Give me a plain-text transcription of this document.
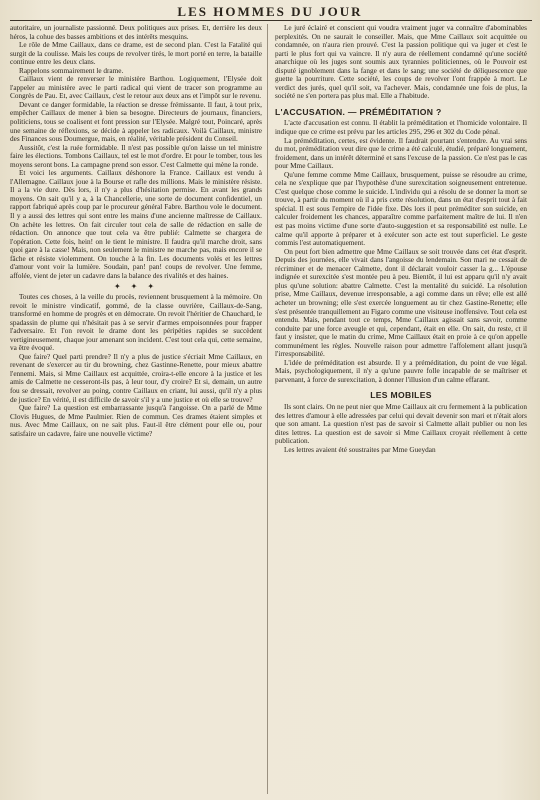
LES HOMMES DU JOUR

autoritaire, un journaliste passionné. Deux politiques aux prises. Et, derrière les deux héros, la cohue des basses ambitions et des intérêts mesquins.

Le rôle de Mme Caillaux, dans ce drame, est de second plan. C'est la Fatalité qui surgit de la coulisse. Mais les coups de revolver tirés, le mort porté en terre, la bataille continue entre les deux clans.

Rappelons sommairement le drame.

Caillaux vient de renverser le ministère Barthou. Logiquement, l'Elysée doit l'appeler au ministère avec le parti radical qui vient de tracer son programme au Congrès de Pau. Et, avec Caillaux, c'est le retour aux deux ans et l'impôt sur le revenu.

Devant ce danger formidable, la réaction se dresse frémissante. Il faut, à tout prix, empêcher Caillaux de mener à bien sa besogne. Directeurs de journaux, financiers, politiciens, tous se coalisent et font pression sur l'Elysée. Malgré tout, Poincaré, après une semaine de réflexions, se décide à appeler les radicaux. Voilà Caillaux, ministre des Finances sous Doumergue, mais, en réalité, véritable président du Conseil.

Aussitôt, c'est la ruée formidable. Il n'est pas possible qu'on laisse un tel ministre faire les élections. Tombons Caillaux, tel est le mot d'ordre. Et pour le tomber, tous les moyens seront bons. La campagne prend son essor. C'est Calmette qui mène la ronde.

Et voici les arguments. Caillaux déshonore la France. Caillaux est vendu à l'Allemagne. Caillaux joue à la Bourse et rafle des millions. Mais le ministère résiste. Il a la vie dure. Dès lors, il n'y a plus d'hésitation permise. En avant les grands moyens. On sait qu'il y a, à la Chancellerie, une sorte de document confidentiel, un rapport fabriqué après coup par le procureur général Fabre. Barthou vole le document. Il y a aussi des lettres qui sont entre les mains d'une ancienne maîtresse de Caillaux. On achète les lettres. On fait circuler tout cela de salle de rédaction en salle de rédaction. On annonce que tout cela va être publié: Calmette se chargera de l'opération. Cette fois, hein! on le tient le ministre. Il faudra qu'il marche droit, sans quoi gare à la casse! Mais, non seulement le ministre ne marche pas, mais encore il se fâche et résiste violemment. On touche à la fin. Les documents volés et les lettres d'amour vont voir la lumière. Soudain, pan! pan! coups de revolver. Une femme, affolée, vient de jeter un cadavre dans la balance des rivalités et des haines.

✦ ✦ ✦

Toutes ces choses, à la veille du procès, reviennent brusquement à la mémoire. On revoit le ministre vindicatif, gommé, de la classe ouvrière, Caillaux-de-Sang, transformé en homme de progrès et en démocrate. On revoit l'héritier de Chauchard, le spadassin de plume qui n'hésitait pas à se servir d'armes empoisonnées pour frapper l'adversaire. Et l'on revoit le drame dont les péripéties rapides se succèdent vertigineusement, chaque jour amenant son incident. C'est tout cela qui, cette semaine, va être évoqué.

Que faire? Quel parti prendre? Il n'y a plus de justice s'écriait Mme Caillaux, en revenant de s'exercer au tir du browning, chez Gastinne-Renette, pour mieux abattre l'ennemi. Mais, si Mme Caillaux est acquittée, croira-t-elle encore à la justice et les amis de Calmette ne cesseront-ils pas, à leur tour, d'y croire? Et si, demain, un autre fou se dressait, revolver au poing, contre Caillaux en criant, lui aussi, qu'il n'y a plus de justice? En vérité, il est difficile de savoir s'il y a une justice et où elle se trouve?

Que faire? La question est embarrassante jusqu'à l'angoisse. On a parlé de Mme Clovis Hugues, de Mme Paulmier. Rien de commun. Ces drames étaient simples et nus. Avec Mme Caillaux, on ne sait plus. Faut-il être clément pour elle ou, pour satisfaire un cadavre, faire une nouvelle victime?

Le juré éclairé et conscient qui voudra vraiment juger va connaître d'abominables perplexités. On ne saurait le conseiller. Mais, que Mme Caillaux soit acquittée ou condamnée, on n'aura rien prouvé. C'est la passion politique qui va juger et c'est le parti le plus fort qui va vaincre. Il n'y aura de réellement condamné qu'une société anarchique où les juges sont soumis aux tyrannies politiciennes, où le Pouvoir est disputé ignoblement dans la fange et dans le sang; une société de déliquescence que guette la pourriture. Cette société, les coups de revolver l'ont frappée à mort. Le verdict des jurés, quel qu'il soit, va l'achever. Mais, condamnée une fois de plus, la société ne s'en portera pas plus mal. Elle a l'habitude.

L'ACCUSATION. — PRÉMÉDITATION ?

L'acte d'accusation est connu. Il établit la préméditation et l'homicide volontaire. Il indique que ce crime est prévu par les articles 295, 296 et 302 du Code pénal.

La préméditation, certes, est évidente. Il faudrait pourtant s'entendre. Au vrai sens du mot, préméditation veut dire que le crime a été calculé, étudié, préparé longuement, froidement, dans un intérêt déterminé et sans l'excuse de la passion. Ce n'est pas le cas pour Mme Caillaux.

Qu'une femme comme Mme Caillaux, brusquement, puisse se résoudre au crime, cela ne s'explique que par l'hypothèse d'une surexcitation soigneusement entretenue. C'est quelque chose comme le suicide. L'individu qui a résolu de se donner la mort se trouve, à partir du moment où il a pris cette résolution, dans un état d'esprit tout à fait spécial. Il est sous l'empire de l'idée fixe. Dès lors il peut préméditer son suicide, en calculer froidement les chances, apparaître comme parfaitement maître de lui. Il n'en est pas moins victime d'une sorte d'auto-suggestion et sa responsabilité est nulle. Le calme qu'il apporte à préparer et à exécuter son acte est tout superficiel. Le geste commis l'est automatiquement.

On peut fort bien admettre que Mme Caillaux se soit trouvée dans cet état d'esprit. Depuis des journées, elle vivait dans l'angoisse du lendemain. Son mari ne cessait de récriminer et de menacer Calmette, dont il déclarait vouloir casser la g... L'épouse indignée et surexcitée s'est montée peu à peu. Bientôt, il lui est apparu qu'il n'y avait plus qu'une solution: abattre Calmette. C'est la mentalité du suicidé. La résolution prise, Mme Caillaux, devenue irresponsable, a agi comme dans un rêve; elle est allé acheter un browning; elle s'est exercée longuement au tir chez Gastine-Renette; elle s'est présentée tranquillement au Figaro comme une visiteuse inoffensive. Tout cela est entendu. Mais, pendant tout ce temps, Mme Caillaux agissait sans savoir, comme conduite par une force aveugle et qui, cependant, était en elle. On sait, du reste, ct il faut y insister, que le matin du crime, Mme Caillaux était en proie à ce qu'on appelle communément les règles. Nouvelle raison pour admettre l'affolement allant jusqu'à l'irresponsabilité.

L'idée de préméditation est absurde. Il y a préméditation, du point de vue légal. Mais, psychologiquement, il n'y a qu'une pauvre folle incapable de se maîtriser et parvenant, à force de surexcitation, à donner l'illusion d'un calme effarant.

LES MOBILES

Ils sont clairs. On ne peut nier que Mme Caillaux ait cru fermement à la publication des lettres d'amour à elle adressées par celui qui devait devenir son mari et n'était alors que son amant. La question n'est pas de savoir si Calmette allait publier ou non les dites lettres. La question est de savoir si Mme Caillaux croyait réellement à cette publication.

Les lettres avaient été soustraites par Mme Gueydan
